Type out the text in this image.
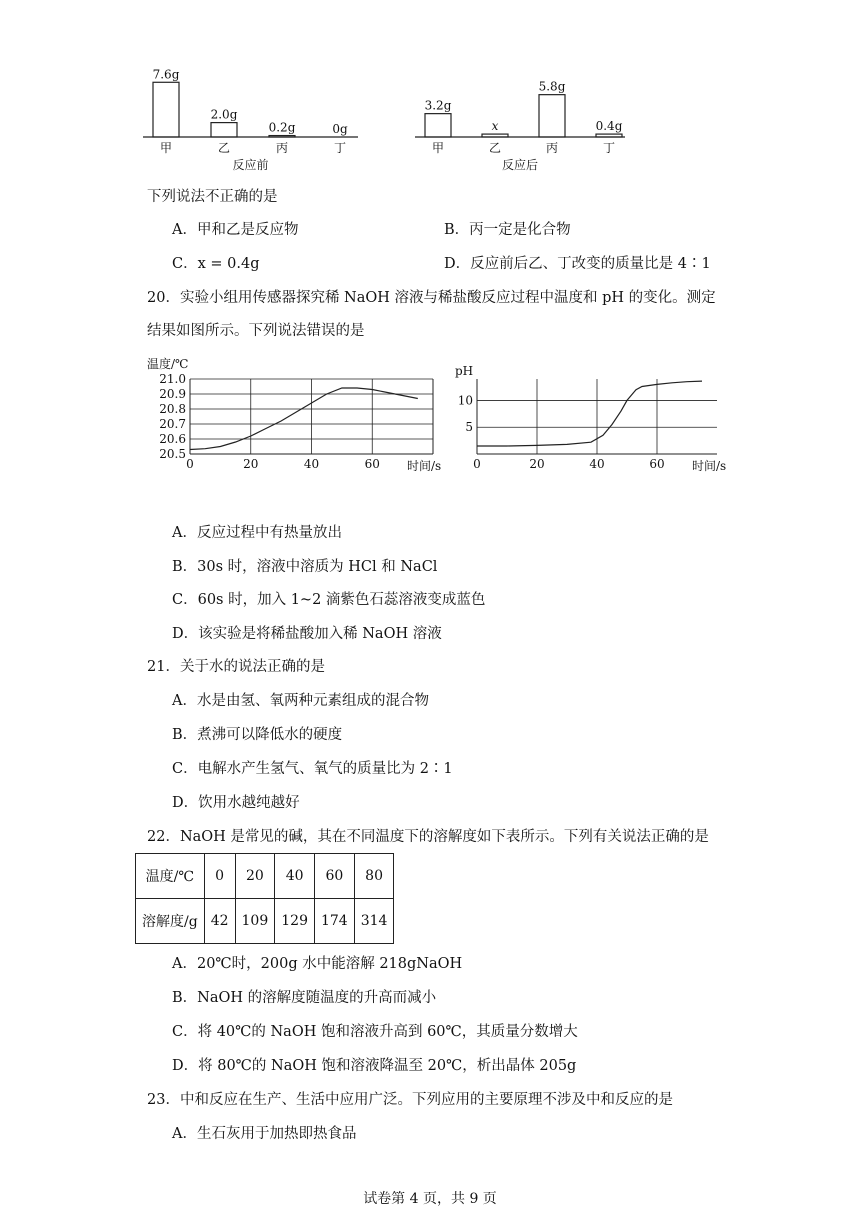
7.6g
甲
2.0g
乙
0.2g
丙
0g
丁
反应前
3.2g
甲
x
乙
5.8g
丙
0.4g
丁
反应后
下列说法不正确的是
A．甲和乙是反应物	B．丙一定是化合物
C．x = 0.4g	D．反应前后乙、丁改变的质量比是 4∶1
20．实验小组用传感器探究稀 NaOH 溶液与稀盐酸反应过程中温度和 pH 的变化。测定
结果如图所示。下列说法错误的是
0	20	40	60
20.5
20.6
20.7
20.8
20.9
21.0
温度/℃
时间/s	0	20	40	60
5
10
pH
时间/s
A．反应过程中有热量放出
B．30s 时，溶液中溶质为 HCl 和 NaCl
C．60s 时，加入 1~2 滴紫色石蕊溶液变成蓝色
D．该实验是将稀盐酸加入稀 NaOH 溶液
21．关于水的说法正确的是
A．水是由氢、氧两种元素组成的混合物
B．煮沸可以降低水的硬度
C．电解水产生氢气、氧气的质量比为 2∶1
D．饮用水越纯越好
22．NaOH 是常见的碱，其在不同温度下的溶解度如下表所示。下列有关说法正确的是
温度/℃	0	20	40	60	80
溶解度/g	42	109	129	174	314
A．20℃时，200g 水中能溶解 218gNaOH
B．NaOH 的溶解度随温度的升高而减小
C．将 40℃的 NaOH 饱和溶液升高到 60℃，其质量分数增大
D．将 80℃的 NaOH 饱和溶液降温至 20℃，析出晶体 205g
23．中和反应在生产、生活中应用广泛。下列应用的主要原理不涉及中和反应的是
A．生石灰用于加热即热食品
试卷第 4 页，共 9 页
